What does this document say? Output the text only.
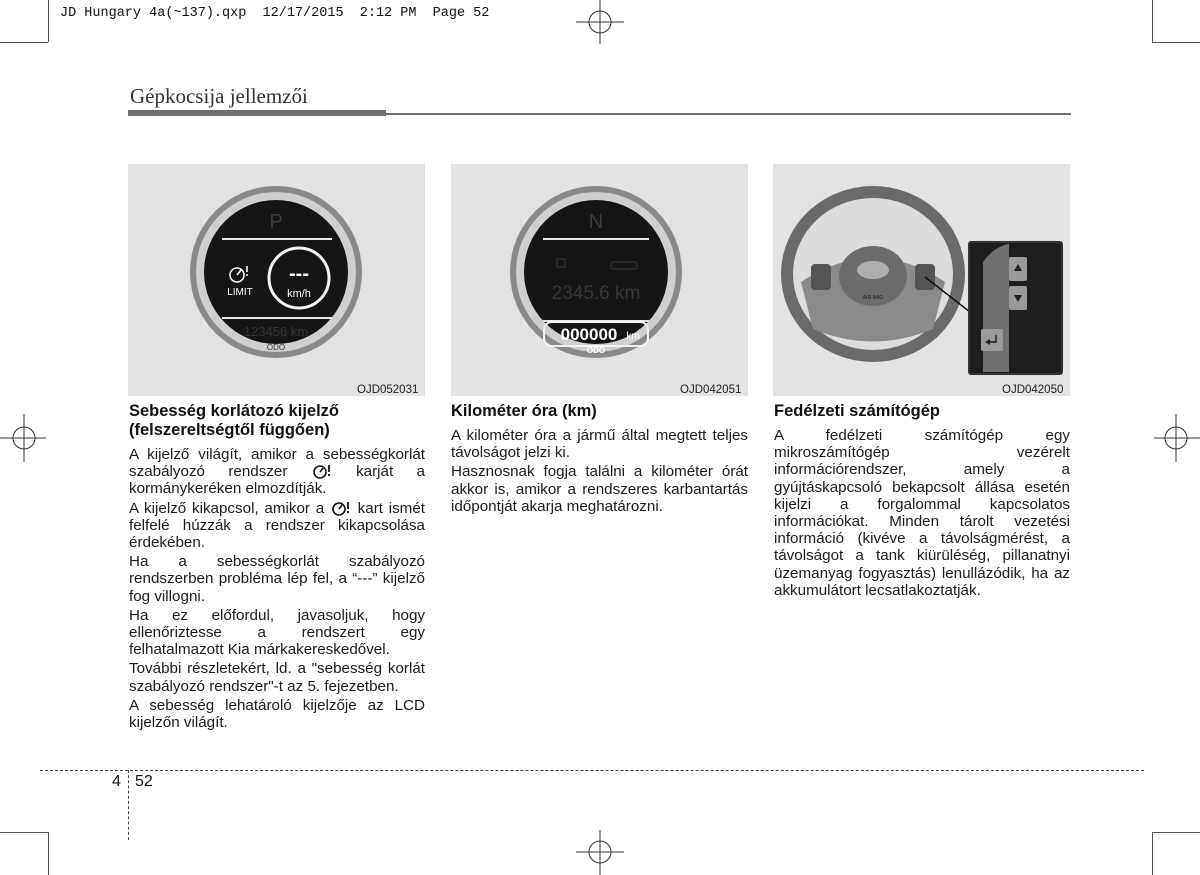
JD Hungary 4a(~137).qxp  12/17/2015  2:12 PM  Page 52
Gépkocsija jellemzői
P
---
km/h
LIMIT
123456 km
ODO
OJD052031
N
2345.6 km
000000 km
ODO
OJD042051
AIR BAG
OJD042050
Sebesség korlátozó kijelző
(felszereltségtől függően)

A kijelző világít, amikor a sebességkorlát szabályozó rendszer  karját a kormánykeréken elmozdítják.

A kijelző kikapcsol, amikor a  kart ismét felfelé húzzák a rendszer kikapcsolása érdekében.

Ha a sebességkorlát szabályozó rendszerben probléma lép fel, a “---” kijelző fog villogni.

Ha ez előfordul, javasoljuk, hogy ellenőriztesse a rendszert egy felhatalmazott Kia márkakereskedővel.

További részletekért, ld. a "sebesség korlát szabályozó rendszer"-t az 5. fejezetben.

A sebesség lehatároló kijelzője az LCD kijelzőn világít.

Kilométer óra (km)

A kilométer óra a jármű által megtett teljes távolságot jelzi ki.

Hasznosnak fogja találni a kilométer órát akkor is, amikor a rendszeres karbantartás időpontját akarja meghatározni.

Fedélzeti számítógép

A fedélzeti számítógép egy mikroszámítógép vezérelt információrendszer, amely a gyújtáskapcsoló bekapcsolt állása esetén kijelzi a forgalommal kapcsolatos információkat. Minden tárolt vezetési információ (kivéve a távolságmérést, a távolságot a tank kiürüléség, pillanatnyi üzemanyag fogyasztás) lenullázódik, ha az akkumulátort lecsatlakoztatják.

4 52
